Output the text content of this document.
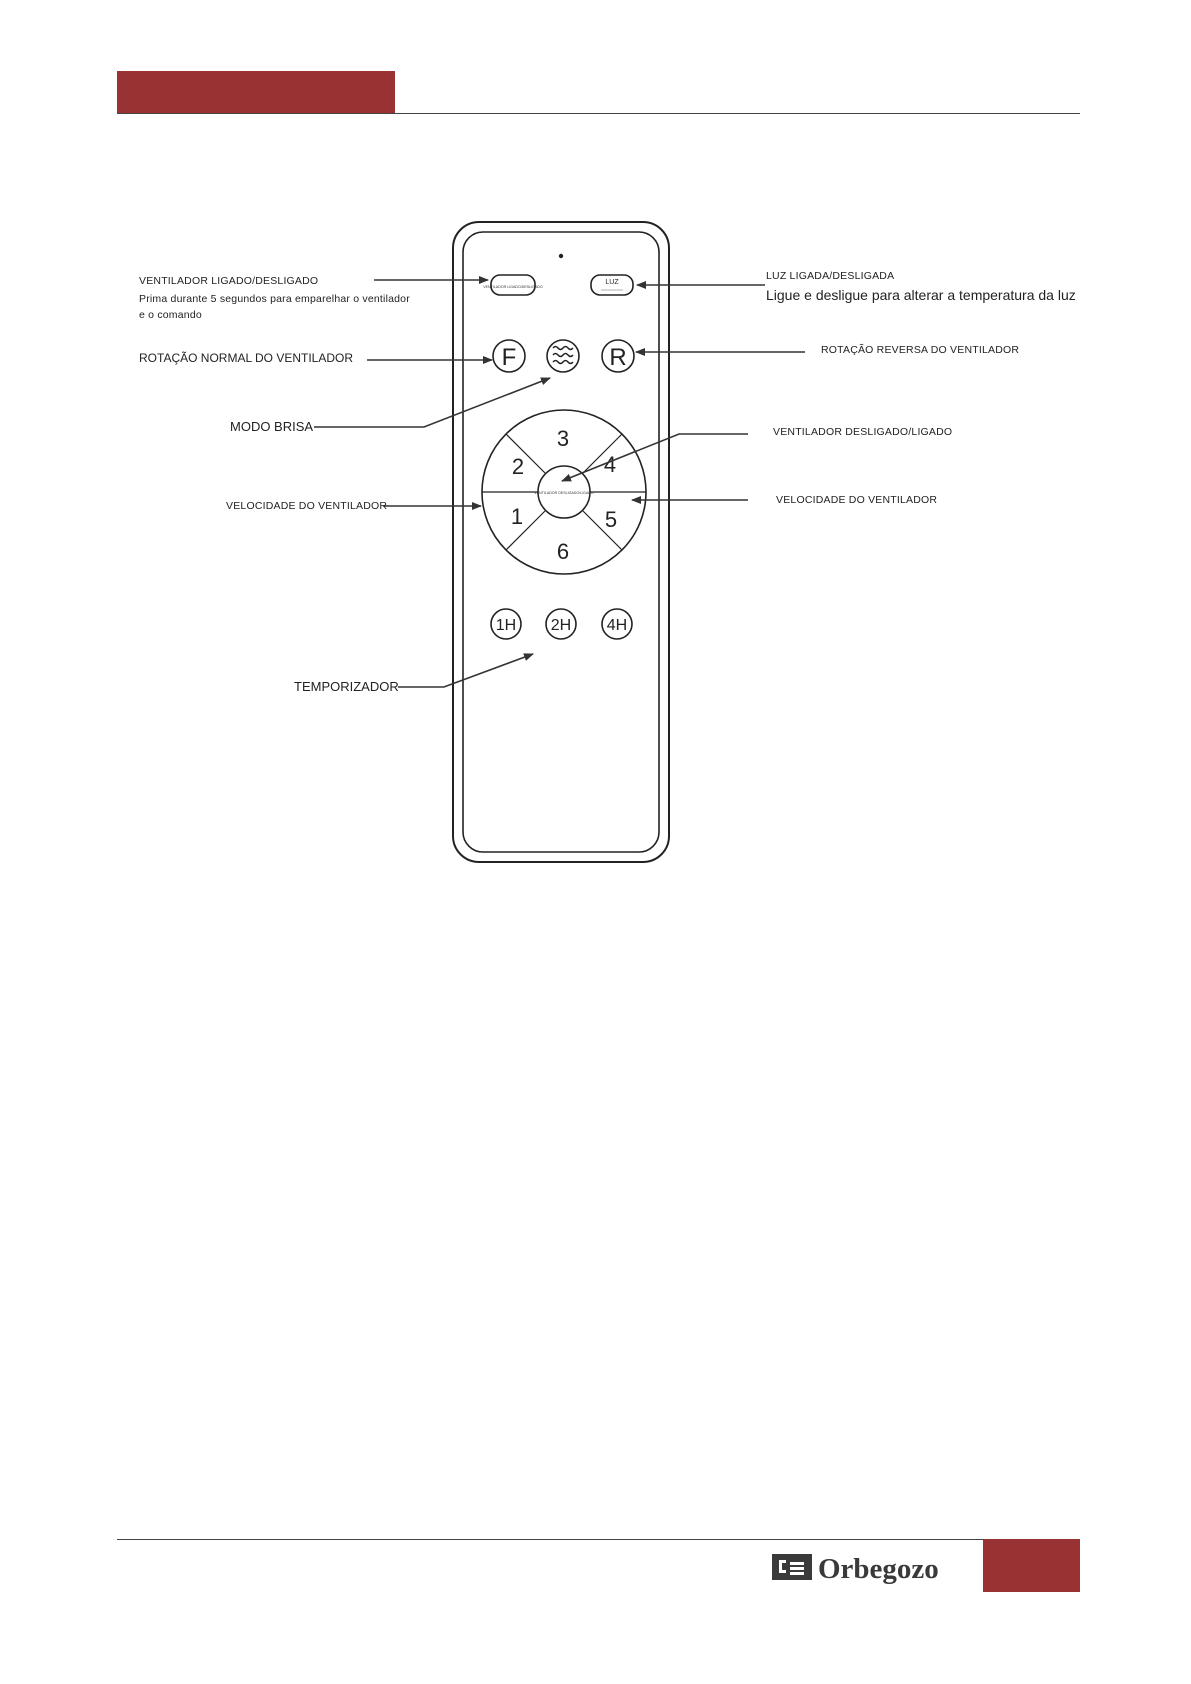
VENTILADOR LIGADO/DESLIGADO
LUZ
F	R
VENTILADOR DESLIGADO/LIGADO
1
2
3
4
5
6
1H 2H 4H
VENTILADOR LIGADO/DESLIGADO
Prima durante 5 segundos para emparelhar o ventilador
e o comando
ROTAÇÃO NORMAL DO VENTILADOR
MODO BRISA
VELOCIDADE DO VENTILADOR
TEMPORIZADOR
LUZ LIGADA/DESLIGADA
Ligue e desligue para alterar a temperatura da luz
ROTAÇÃO REVERSA DO VENTILADOR
VENTILADOR DESLIGADO/LIGADO
VELOCIDADE DO VENTILADOR
Orbegozo
